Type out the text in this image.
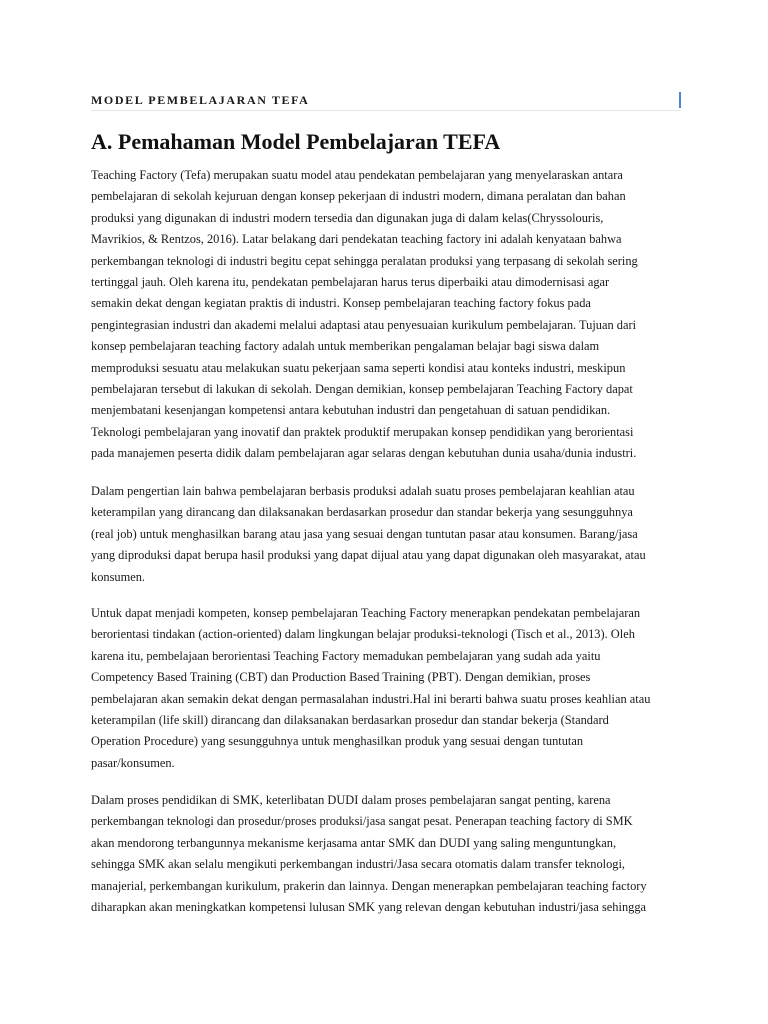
MODEL PEMBELAJARAN TEFA
A. Pemahaman Model Pembelajaran TEFA
Teaching Factory (Tefa) merupakan suatu model atau pendekatan pembelajaran yang menyelaraskan antara
pembelajaran di sekolah kejuruan dengan konsep pekerjaan di industri modern, dimana peralatan dan bahan
produksi yang digunakan di industri modern tersedia dan digunakan juga di dalam kelas(Chryssolouris,
Mavrikios, & Rentzos, 2016). Latar belakang dari pendekatan teaching factory ini adalah kenyataan bahwa
perkembangan teknologi di industri begitu cepat sehingga peralatan produksi yang terpasang di sekolah sering
tertinggal jauh. Oleh karena itu, pendekatan pembelajaran harus terus diperbaiki atau dimodernisasi agar
semakin dekat dengan kegiatan praktis di industri. Konsep pembelajaran teaching factory fokus pada
pengintegrasian industri dan akademi melalui adaptasi atau penyesuaian kurikulum pembelajaran. Tujuan dari
konsep pembelajaran teaching factory adalah untuk memberikan pengalaman belajar bagi siswa dalam
memproduksi sesuatu atau melakukan suatu pekerjaan sama seperti kondisi atau konteks industri, meskipun
pembelajaran tersebut di lakukan di sekolah. Dengan demikian, konsep pembelajaran Teaching Factory dapat
menjembatani kesenjangan kompetensi antara kebutuhan industri dan pengetahuan di satuan pendidikan.
Teknologi pembelajaran yang inovatif dan praktek produktif merupakan konsep pendidikan yang berorientasi
pada manajemen peserta didik dalam pembelajaran agar selaras dengan kebutuhan dunia usaha/dunia industri.
Dalam pengertian lain bahwa pembelajaran berbasis produksi adalah suatu proses pembelajaran keahlian atau
keterampilan yang dirancang dan dilaksanakan berdasarkan prosedur dan standar bekerja yang sesungguhnya
(real job) untuk menghasilkan barang atau jasa yang sesuai dengan tuntutan pasar atau konsumen. Barang/jasa
yang diproduksi dapat berupa hasil produksi yang dapat dijual atau yang dapat digunakan oleh masyarakat, atau
konsumen.
Untuk dapat menjadi kompeten, konsep pembelajaran Teaching Factory menerapkan pendekatan pembelajaran
berorientasi tindakan (action-oriented) dalam lingkungan belajar produksi-teknologi (Tisch et al., 2013). Oleh
karena itu, pembelajaan berorientasi Teaching Factory memadukan pembelajaran yang sudah ada yaitu
Competency Based Training (CBT) dan Production Based Training (PBT). Dengan demikian, proses
pembelajaran akan semakin dekat dengan permasalahan industri.Hal ini berarti bahwa suatu proses keahlian atau
keterampilan (life skill) dirancang dan dilaksanakan berdasarkan prosedur dan standar bekerja (Standard
Operation Procedure) yang sesungguhnya untuk menghasilkan produk yang sesuai dengan tuntutan
pasar/konsumen.
Dalam proses pendidikan di SMK, keterlibatan DUDI dalam proses pembelajaran sangat penting, karena
perkembangan teknologi dan prosedur/proses produksi/jasa sangat pesat. Penerapan teaching factory di SMK
akan mendorong terbangunnya mekanisme kerjasama antar SMK dan DUDI yang saling menguntungkan,
sehingga SMK akan selalu mengikuti perkembangan industri/Jasa secara otomatis dalam transfer teknologi,
manajerial, perkembangan kurikulum, prakerin dan lainnya. Dengan menerapkan pembelajaran teaching factory
diharapkan akan meningkatkan kompetensi lulusan SMK yang relevan dengan kebutuhan industri/jasa sehingga
